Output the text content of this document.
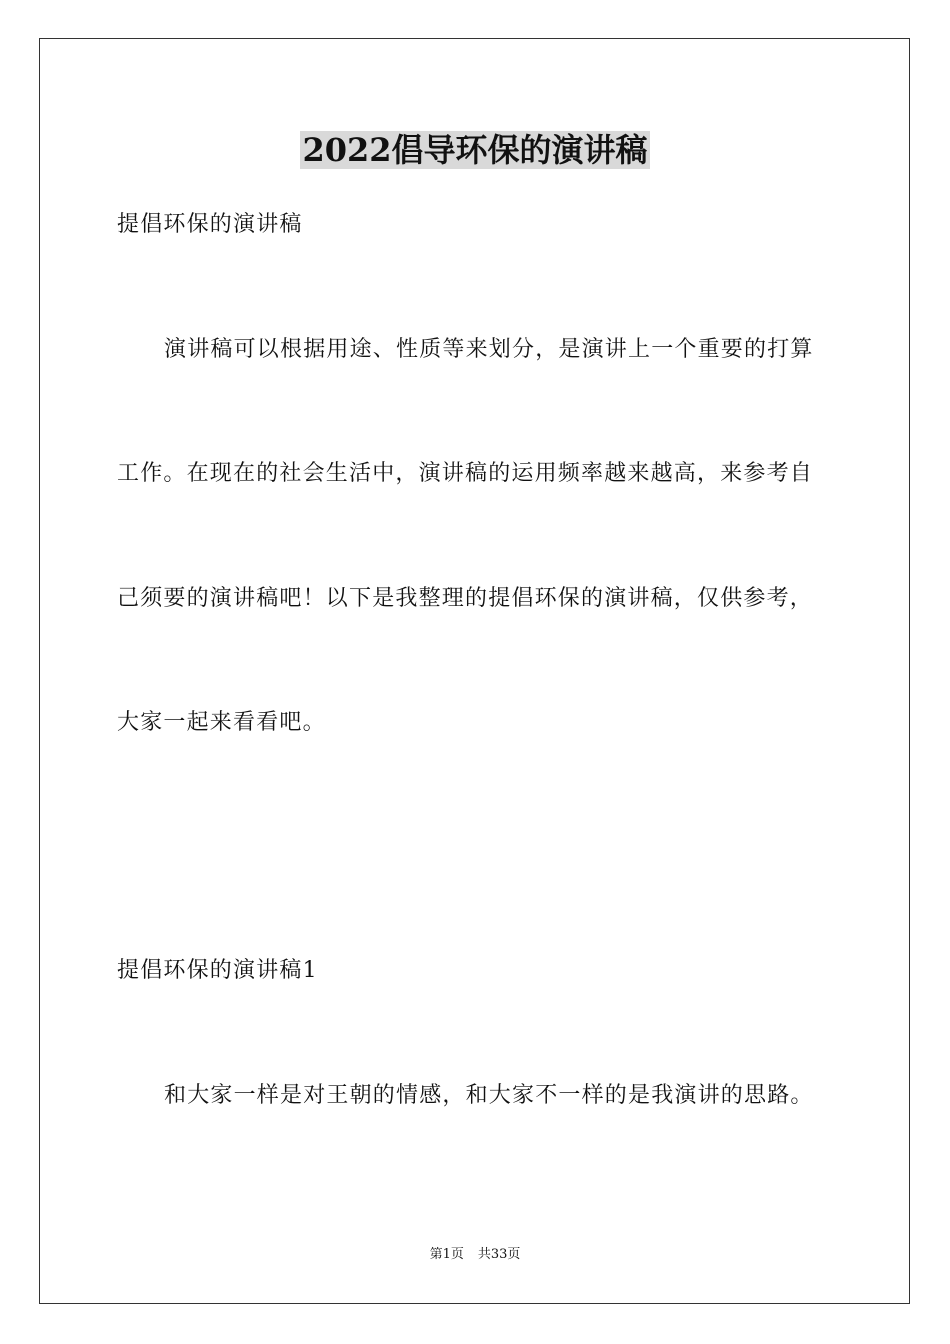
2022倡导环保的演讲稿
提倡环保的演讲稿
演讲稿可以根据用途、性质等来划分，是演讲上一个重要的打算
工作。在现在的社会生活中，演讲稿的运用频率越来越高，来参考自
己须要的演讲稿吧！以下是我整理的提倡环保的演讲稿，仅供参考，
大家一起来看看吧。
提倡环保的演讲稿1
和大家一样是对王朝的情感，和大家不一样的是我演讲的思路。
第1页 共33页
